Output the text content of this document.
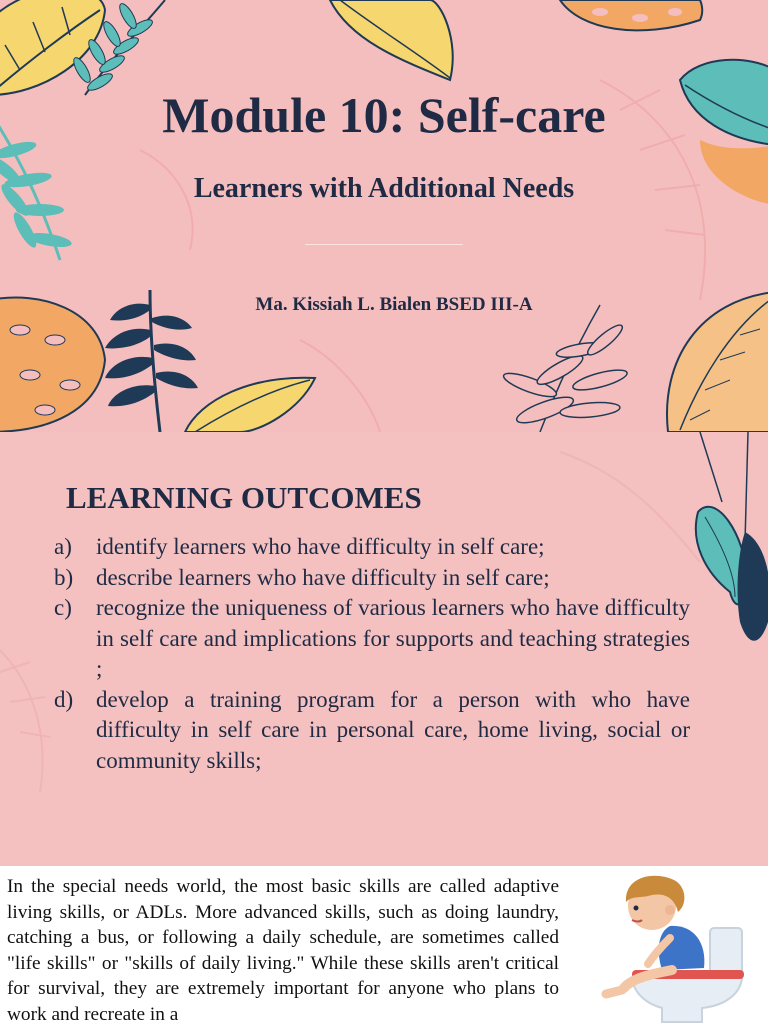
Module 10: Self-care
Learners with Additional Needs

Ma. Kissiah L. Bialen BSED III-A

LEARNING OUTCOMES
a)	identify learners who have difficulty in self care;
b) describe learners who have difficulty in self care;
c)	recognize the uniqueness of various learners who have difficulty in self care and implications for supports and teaching strategies ;
d) develop a training program for a person with who have difficulty in self care in personal care, home living, social or community skills;

In the special needs world, the most basic skills are called adaptive living skills, or ADLs. More advanced skills, such as doing laundry, catching a bus, or following a daily schedule, are sometimes called "life skills" or "skills of daily living." While these skills aren't critical for survival, they are extremely important for anyone who plans to work and recreate in a
